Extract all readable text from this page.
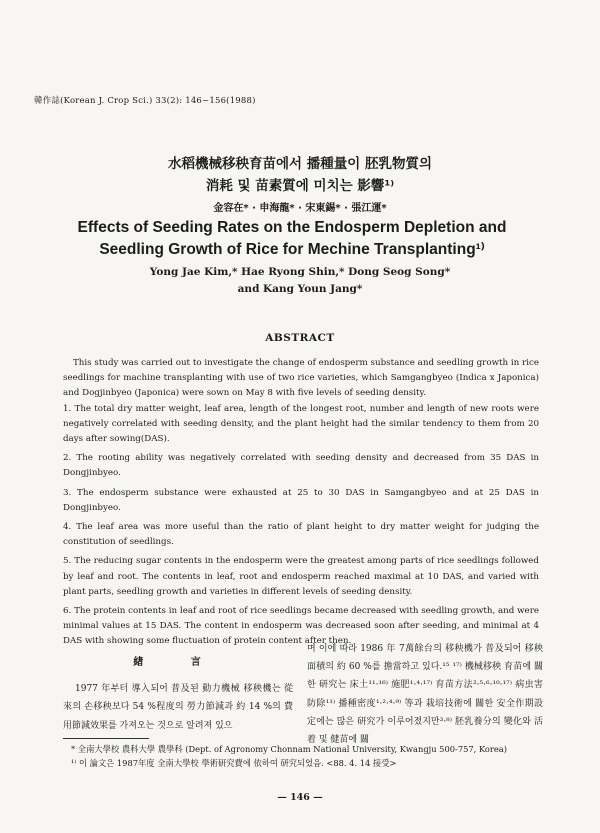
韓作誌(Korean J. Crop Sci.) 33(2): 146~156(1988)
水稻機械移秧育苗에서 播種量이 胚乳物質의
消耗 및 苗素質에 미치는 影響¹⁾
金容在* · 申海龍* · 宋東錫* · 張江運*
Effects of Seeding Rates on the Endosperm Depletion and
Seedling Growth of Rice for Mechine Transplanting¹⁾
Yong Jae Kim,* Hae Ryong Shin,* Dong Seog Song*
and Kang Youn Jang*
ABSTRACT

This study was carried out to investigate the change of endosperm substance and seedling growth in rice seedlings for machine transplanting with use of two rice varieties, which Samgangbyeo (Indica x Japonica) and Dogjinbyeo (Japonica) were sown on May 8 with five levels of seeding density.

1. The total dry matter weight, leaf area, length of the longest root, number and length of new roots were negatively correlated with seeding density, and the plant height had the similar tendency to them from 20 days after sowing(DAS).

2. The rooting ability was negatively correlated with seeding density and decreased from 35 DAS in Dongjinbyeo.

3. The endosperm substance were exhausted at 25 to 30 DAS in Samgangbyeo and at 25 DAS in Dongjinbyeo.

4. The leaf area was more useful than the ratio of plant height to dry matter weight for judging the constitution of seedlings.

5. The reducing sugar contents in the endosperm were the greatest among parts of rice seedlings followed by leaf and root. The contents in leaf, root and endosperm reached maximal at 10 DAS, and varied with plant parts, seedling growth and varieties in different levels of seeding density.

6. The protein contents in leaf and root of rice seedlings became decreased with seedling growth, and were minimal values at 15 DAS. The content in endosperm was decreased soon after seeding, and minimal at 4 DAS with showing some fluctuation of protein content after then.

緖 言

1977 年부터 導入되어 普及된 動力機械 移秧機는 從來의 손移秧보다 54 %程度의 勞力節減과 約 14 %의 費用節減效果를 가져오는 것으로 알려져 있으

며 이에 따라 1986 年 7萬餘台의 移秧機가 普及되어 移秧面積의 約 60 %를 擔當하고 있다.¹⁵ ¹⁷⁾ 機械移秧 育苗에 關한 研究는 床土¹¹·¹⁶⁾ 施肥¹·⁴·¹⁷⁾ 育苗方法²·⁵·⁶·¹⁰·¹⁷⁾ 病虫害防除¹¹⁾ 播種密度¹·²·⁴·⁹⁾ 等과 栽培技術에 關한 安全作期設定에는 많은 研究가 이루어졌지만³·⁸⁾ 胚乳養分의 變化와 活着 및 健苗에 關

* 全南大學校 農科大學 農學科 (Dept. of Agronomy Chonnam National University, Kwangju 500-757, Korea)

¹⁾ 이 論文은 1987年度 全南大學校 學術研究費에 依하여 研究되었음. <88. 4. 14 接受>

— 146 —
